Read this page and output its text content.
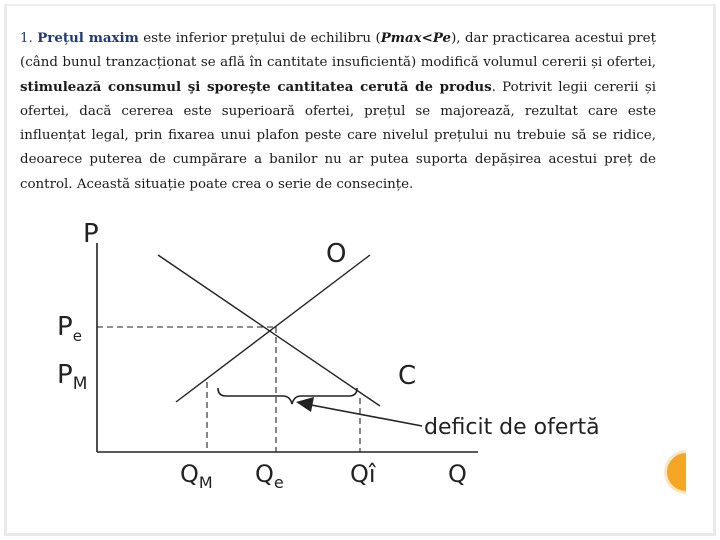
1. Prețul maxim este inferior prețului de echilibru (Pmax<Pe), dar practicarea acestui preț (când bunul tranzacționat se află în cantitate insuficientă) modifică volumul cererii și ofertei, stimulează consumul şi sporeşte cantitatea cerută de produs. Potrivit legii cererii și ofertei, dacă cererea este superioară ofertei, prețul se majorează, rezultat care este influențat legal, prin fixarea unui plafon peste care nivelul prețului nu trebuie să se ridice, deoarece puterea de cumpărare a banilor nu ar putea suporta depășirea acestui preț de control. Această situație poate crea o serie de consecințe.
P
Q
O
C
$P_e$
$P_M$
$Q_M$ $Q_e$	Qî
deficit de ofertă
